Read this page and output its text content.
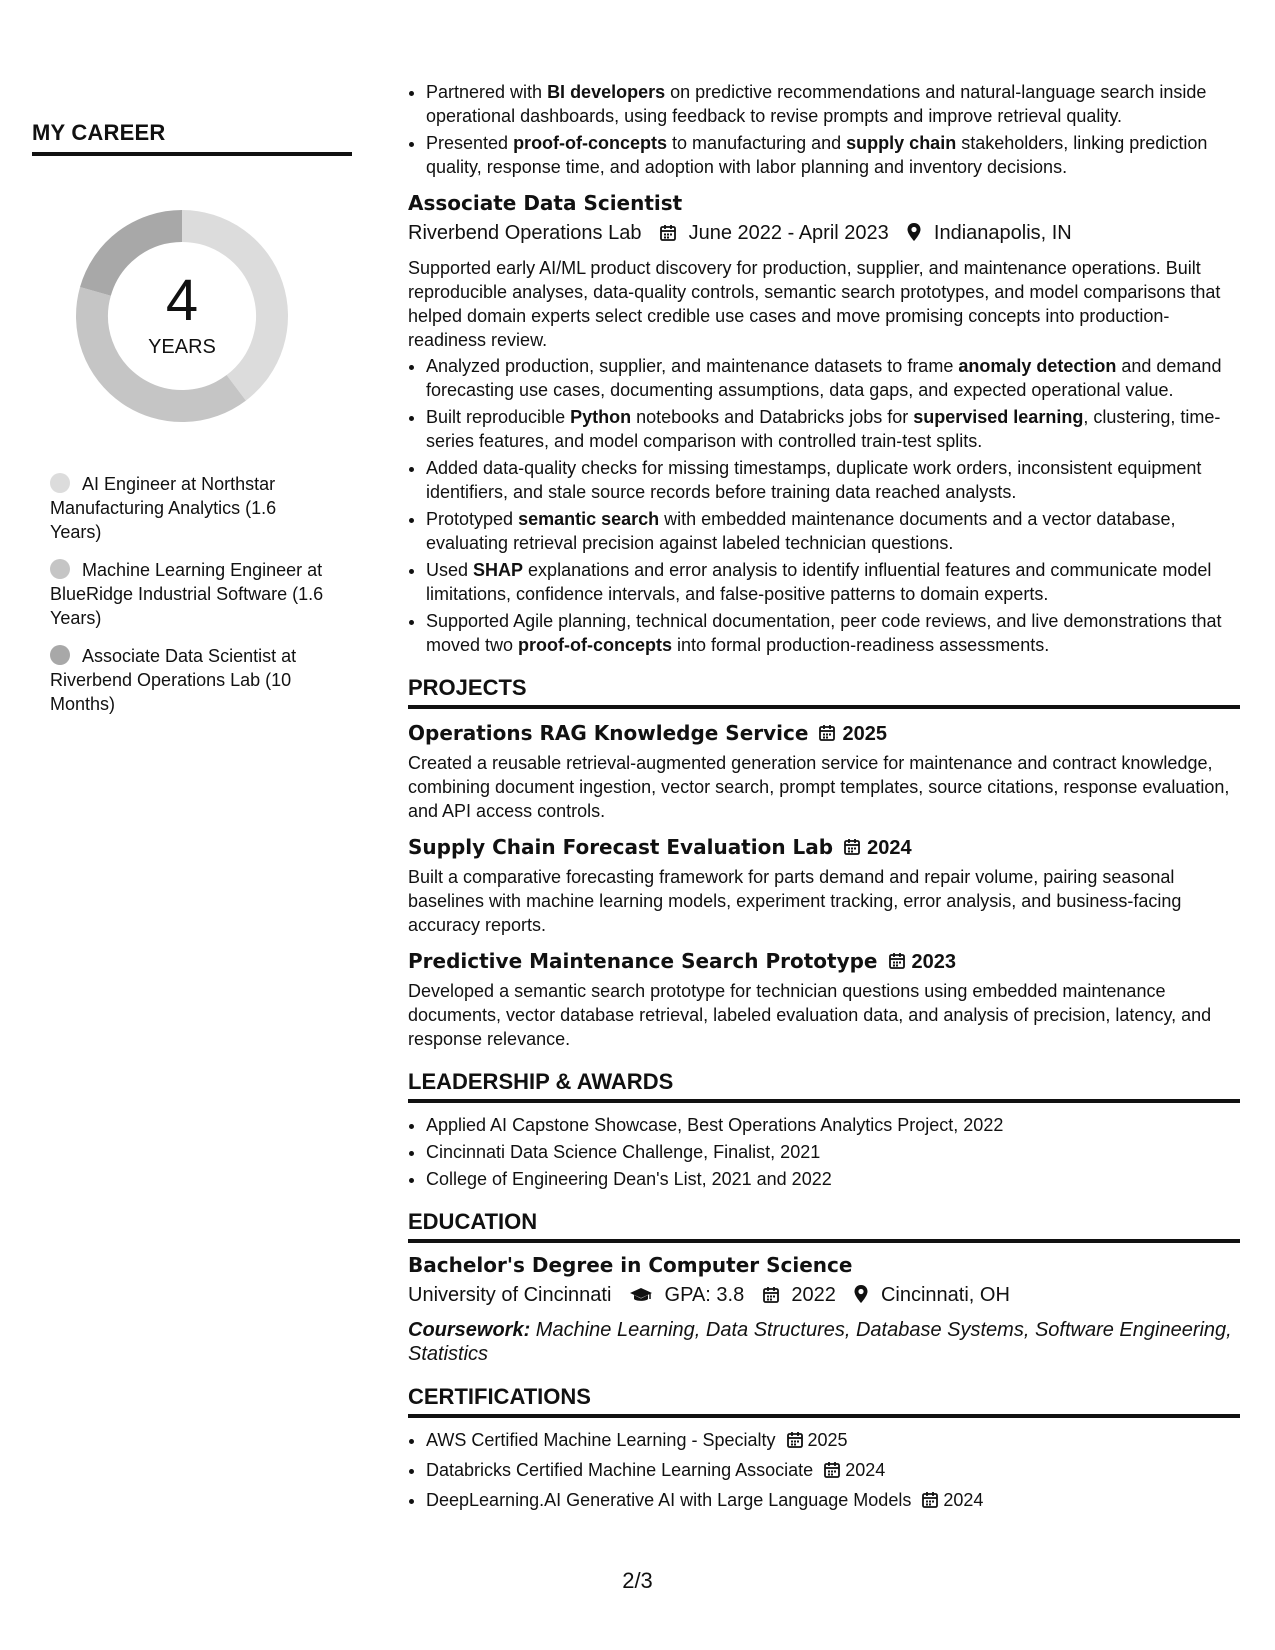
MY CAREER
4
YEARS
AI Engineer at Northstar Manufacturing Analytics (1.6 Years)
Machine Learning Engineer at BlueRidge Industrial Software (1.6 Years)
Associate Data Scientist at Riverbend Operations Lab (10 Months)
• Partnered with BI developers on predictive recommendations and natural-language search inside operational dashboards, using feedback to revise prompts and improve retrieval quality.
• Presented proof-of-concepts to manufacturing and supply chain stakeholders, linking prediction quality, response time, and adoption with labor planning and inventory decisions.
Associate Data Scientist
Riverbend Operations Lab June 2022 - April 2023 Indianapolis, IN

Supported early AI/ML product discovery for production, supplier, and maintenance operations. Built reproducible analyses, data-quality controls, semantic search prototypes, and model comparisons that helped domain experts select credible use cases and move promising concepts into production-readiness review.

• Analyzed production, supplier, and maintenance datasets to frame anomaly detection and demand forecasting use cases, documenting assumptions, data gaps, and expected operational value.
• Built reproducible Python notebooks and Databricks jobs for supervised learning, clustering, time-series features, and model comparison with controlled train-test splits.
• Added data-quality checks for missing timestamps, duplicate work orders, inconsistent equipment identifiers, and stale source records before training data reached analysts.
• Prototyped semantic search with embedded maintenance documents and a vector database, evaluating retrieval precision against labeled technician questions.
• Used SHAP explanations and error analysis to identify influential features and communicate model limitations, confidence intervals, and false-positive patterns to domain experts.
• Supported Agile planning, technical documentation, peer code reviews, and live demonstrations that moved two proof-of-concepts into formal production-readiness assessments.
PROJECTS
Operations RAG Knowledge Service 2025

Created a reusable retrieval-augmented generation service for maintenance and contract knowledge, combining document ingestion, vector search, prompt templates, source citations, response evaluation, and API access controls.

Supply Chain Forecast Evaluation Lab 2024

Built a comparative forecasting framework for parts demand and repair volume, pairing seasonal baselines with machine learning models, experiment tracking, error analysis, and business-facing accuracy reports.

Predictive Maintenance Search Prototype 2023

Developed a semantic search prototype for technician questions using embedded maintenance documents, vector database retrieval, labeled evaluation data, and analysis of precision, latency, and response relevance.

LEADERSHIP & AWARDS
• Applied AI Capstone Showcase, Best Operations Analytics Project, 2022
• Cincinnati Data Science Challenge, Finalist, 2021
• College of Engineering Dean's List, 2021 and 2022
EDUCATION
Bachelor's Degree in Computer Science
University of Cincinnati	GPA: 3.8 2022 Cincinnati, OH

Coursework: Machine Learning, Data Structures, Database Systems, Software Engineering, Statistics

CERTIFICATIONS
• AWS Certified Machine Learning - Specialty 2025
• Databricks Certified Machine Learning Associate 2024
• DeepLearning.AI Generative AI with Large Language Models 2024
2/3
